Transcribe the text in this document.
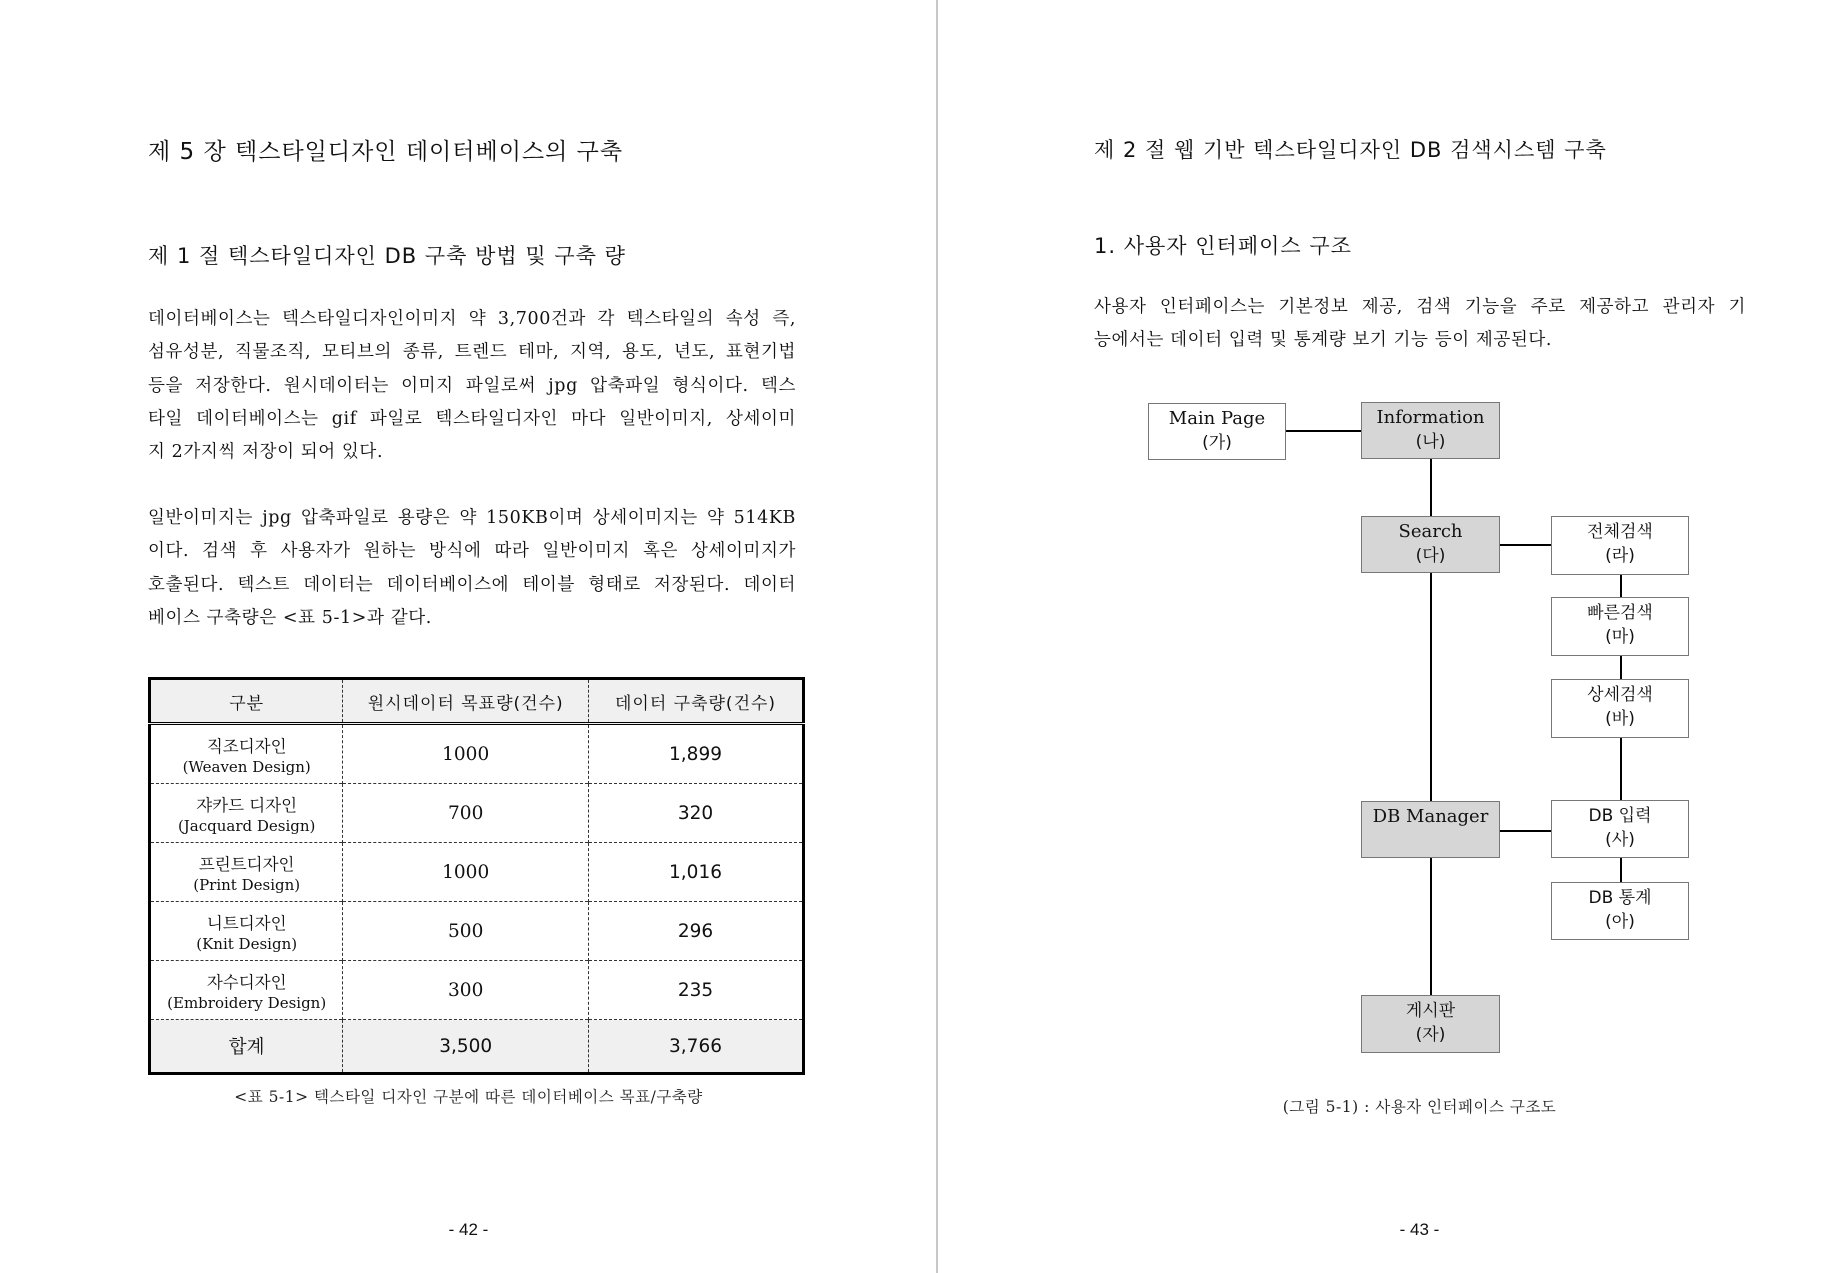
제 5 장 텍스타일디자인 데이터베이스의 구축
제 1 절 텍스타일디자인 DB 구축 방법 및 구축 량
데이터베이스는 텍스타일디자인이미지 약 3,700건과 각 텍스타일의 속성 즉,
섬유성분, 직물조직, 모티브의 종류, 트렌드 테마, 지역, 용도, 년도, 표현기법
등을 저장한다. 원시데이터는 이미지 파일로써 jpg 압축파일 형식이다. 텍스
타일 데이터베이스는 gif 파일로 텍스타일디자인 마다 일반이미지, 상세이미
지 2가지씩 저장이 되어 있다.
일반이미지는 jpg 압축파일로 용량은 약 150KB이며 상세이미지는 약 514KB
이다. 검색 후 사용자가 원하는 방식에 따라 일반이미지 혹은 상세이미지가
호출된다. 텍스트 데이터는 데이터베이스에 테이블 형태로 저장된다. 데이터
베이스 구축량은 <표 5-1>과 같다.
구분	원시데이터 목표량(건수)	데이터 구축량(건수)

직조디자인
(Weaven Design)	1000	1,899

쟈카드 디자인
(Jacquard Design)	700	320

프린트디자인
(Print Design)	1000	1,016

니트디자인
(Knit Design)	500	296

자수디자인
(Embroidery Design)	300	235
합계	3,500	3,766
<표 5-1> 텍스타일 디자인 구분에 따른 데이터베이스 목표/구축량
- 42 -
제 2 절 웹 기반 텍스타일디자인 DB 검색시스템 구축
1. 사용자 인터페이스 구조
사용자 인터페이스는 기본정보 제공, 검색 기능을 주로 제공하고 관리자 기
능에서는 데이터 입력 및 통계량 보기 기능 등이 제공된다.
Main Page
(가)
Information
(나)
Search
(다)
전체검색
(라)
빠른검색
(마)
상세검색
(바)
DB Manager	DB 입력
(사)
DB 통계
(아)
게시판
(자)
(그림 5-1) : 사용자 인터페이스 구조도
- 43 -
